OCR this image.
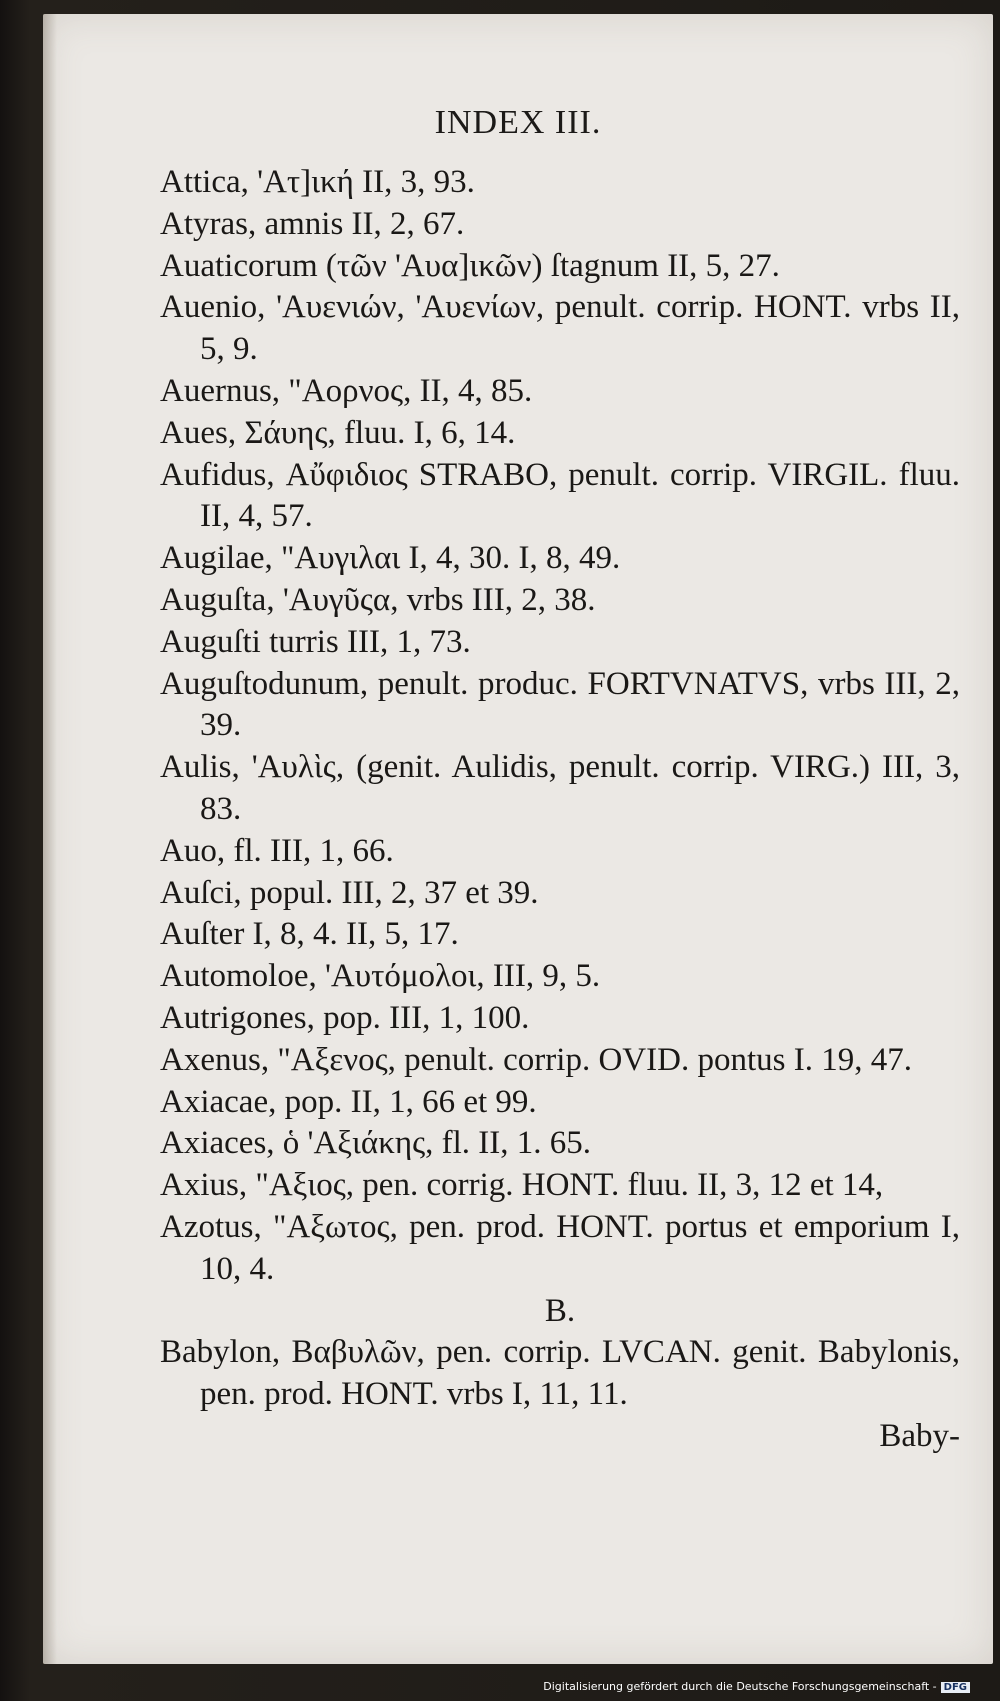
INDEX III.
Attica, 'Ατ]ική II, 3, 93.
Atyras, amnis II, 2, 67.
Auaticorum (τῶν 'Αυα]ικῶν) ſtagnum II, 5, 27.
Auenio, 'Αυενιών, 'Αυενίων, penult. corrip. HONT. vrbs II, 5, 9.
Auernus, "Αορνος, II, 4, 85.
Aues, Σάυης, fluu. I, 6, 14.
Aufidus, Αὔφιδιος STRABO, penult. corrip. VIRGIL. fluu. II, 4, 57.
Augilae, "Αυγιλαι I, 4, 30. I, 8, 49.
Auguſta, 'Αυγῦςα, vrbs III, 2, 38.
Auguſti turris III, 1, 73.
Auguſtodunum, penult. produc. FORTVNATVS, vrbs III, 2, 39.
Aulis, 'Αυλὶς, (genit. Aulidis, penult. corrip. VIRG.) III, 3, 83.
Auo, fl. III, 1, 66.
Auſci, popul. III, 2, 37 et 39.
Auſter I, 8, 4. II, 5, 17.
Automoloe, 'Αυτόμολοι, III, 9, 5.
Autrigones, pop. III, 1, 100.
Axenus, "Αξενος, penult. corrip. OVID. pontus I. 19, 47.
Axiacae, pop. II, 1, 66 et 99.
Axiaces, ὁ 'Αξιάκης, fl. II, 1. 65.
Axius, "Αξιος, pen. corrig. HONT. fluu. II, 3, 12 et 14,
Azotus, "Αξωτος, pen. prod. HONT. portus et emporium I, 10, 4.
B.
Babylon, Βαβυλῶν, pen. corrip. LVCAN. genit. Babylonis, pen. prod. HONT. vrbs I, 11, 11.
Baby-
Digitalisierung gefördert durch die Deutsche Forschungsgemeinschaft - DFG
